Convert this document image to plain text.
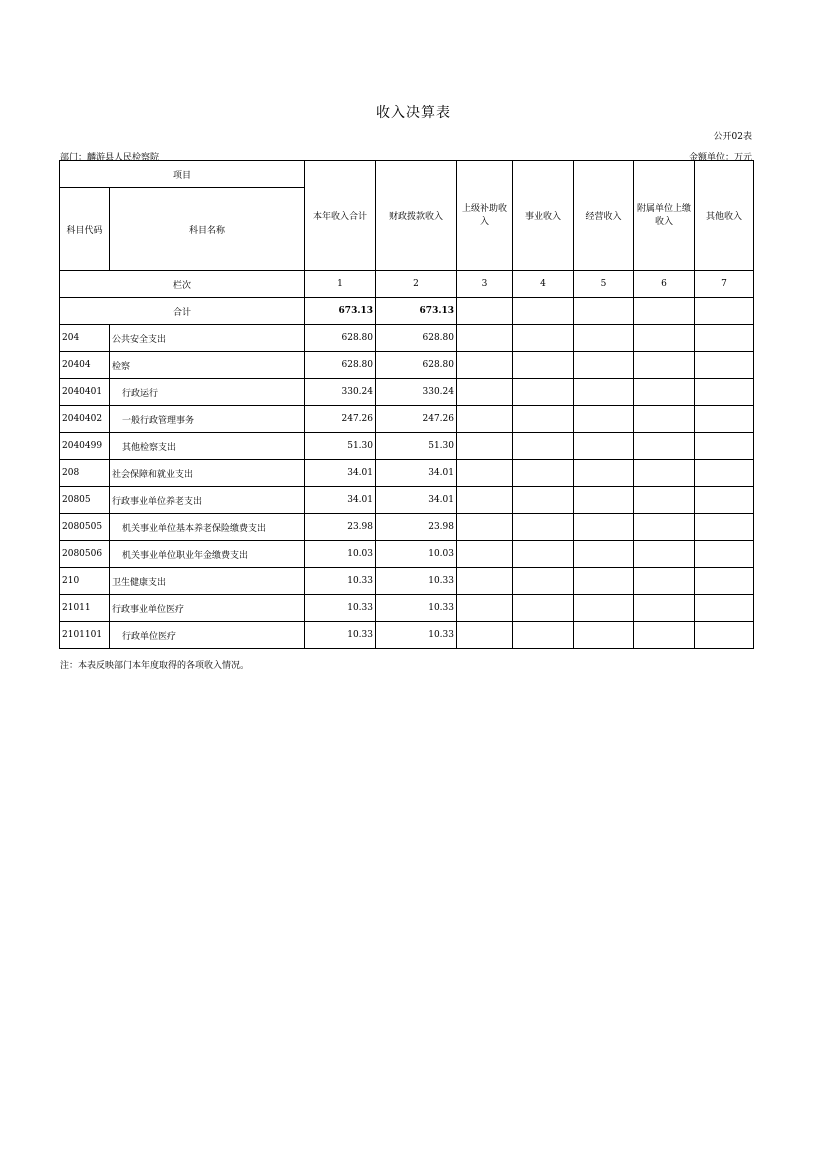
收入决算表
公开02表
部门：麟游县人民检察院	金额单位：万元
项目		本年收入合计	财政拨款收入	上级补助收入	事业收入	经营收入	附属单位上缴收入	其他收入
科目代码	科目名称							
栏次		1	2	3	4	5	6	7
合计		673.13	673.13					
204	公共安全支出	628.80	628.80					
20404	检察	628.80	628.80					
2040401	行政运行	330.24	330.24					
2040402	一般行政管理事务	247.26	247.26					
2040499	其他检察支出	51.30	51.30					
208	社会保障和就业支出	34.01	34.01					
20805	行政事业单位养老支出	34.01	34.01					
2080505	机关事业单位基本养老保险缴费支出	23.98	23.98					
2080506	机关事业单位职业年金缴费支出	10.03	10.03					
210	卫生健康支出	10.33	10.33					
21011	行政事业单位医疗	10.33	10.33					
2101101	行政单位医疗	10.33	10.33					
注：本表反映部门本年度取得的各项收入情况。
